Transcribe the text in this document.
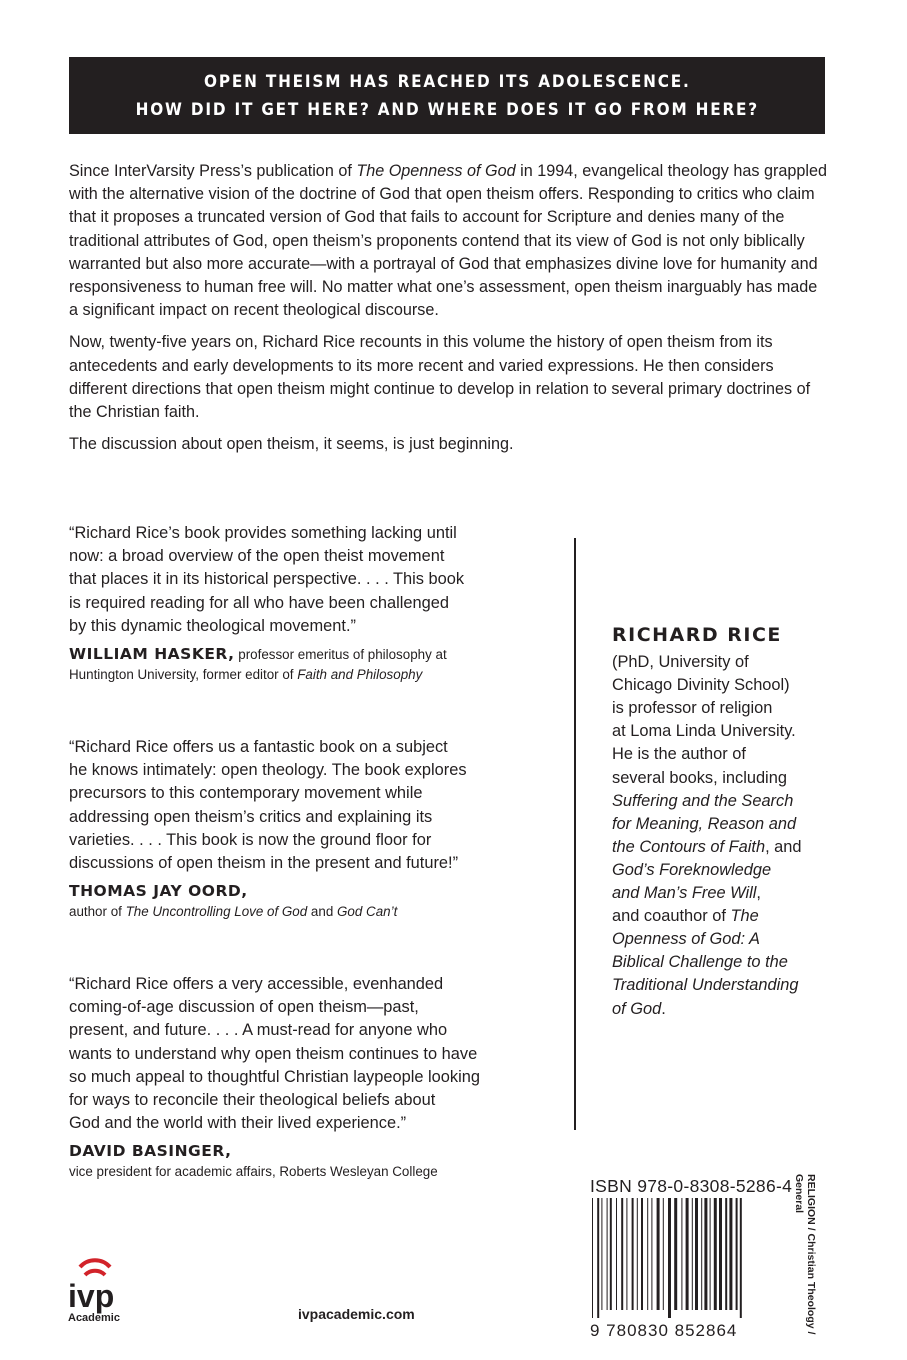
OPEN THEISM HAS REACHED ITS ADOLESCENCE.
HOW DID IT GET HERE? AND WHERE DOES IT GO FROM HERE?

Since InterVarsity Press’s publication of The Openness of God in 1994, evangelical theology has grappled with the alternative vision of the doctrine of God that open theism offers. Responding to critics who claim that it proposes a truncated version of God that fails to account for Scripture and denies many of the traditional attributes of God, open theism’s proponents contend that its view of God is not only biblically warranted but also more accurate—with a portrayal of God that emphasizes divine love for humanity and responsiveness to human free will. No matter what one’s assessment, open theism inarguably has made a significant impact on recent theological discourse.

Now, twenty-five years on, Richard Rice recounts in this volume the history of open theism from its antecedents and early developments to its more recent and varied expressions. He then considers different directions that open theism might continue to develop in relation to several primary doctrines of the Christian faith.

The discussion about open theism, it seems, is just beginning.

“Richard Rice’s book provides something lacking until

now: a broad overview of the open theist movement

that places it in its historical perspective. . . . This book

is required reading for all who have been challenged

by this dynamic theological movement.”

WILLIAM HASKER, professor emeritus of philosophy at
Huntington University, former editor of Faith and Philosophy

“Richard Rice offers us a fantastic book on a subject

he knows intimately: open theology. The book explores

precursors to this contemporary movement while

addressing open theism’s critics and explaining its

varieties. . . . This book is now the ground floor for

discussions of open theism in the present and future!”

THOMAS JAY OORD,
author of The Uncontrolling Love of God and God Can’t

“Richard Rice offers a very accessible, evenhanded

coming-of-age discussion of open theism—past,

present, and future. . . . A must-read for anyone who

wants to understand why open theism continues to have

so much appeal to thoughtful Christian laypeople looking

for ways to reconcile their theological beliefs about

God and the world with their lived experience.”

DAVID BASINGER,
vice president for academic affairs, Roberts Wesleyan College
RICHARD RICE
(PhD, University of
Chicago Divinity School)
is professor of religion
at Loma Linda University.
He is the author of
several books, including
Suffering and the Search
for Meaning, Reason and
the Contours of Faith, and
God’s Foreknowledge
and Man’s Free Will,
and coauthor of The
Openness of God: A
Biblical Challenge to the
Traditional Understanding
of God.
ISBN 978-0-8308-5286-4
9 780830 852864	RELIGION / Christian Theology / General
ivp
Academic	ivpacademic.com
